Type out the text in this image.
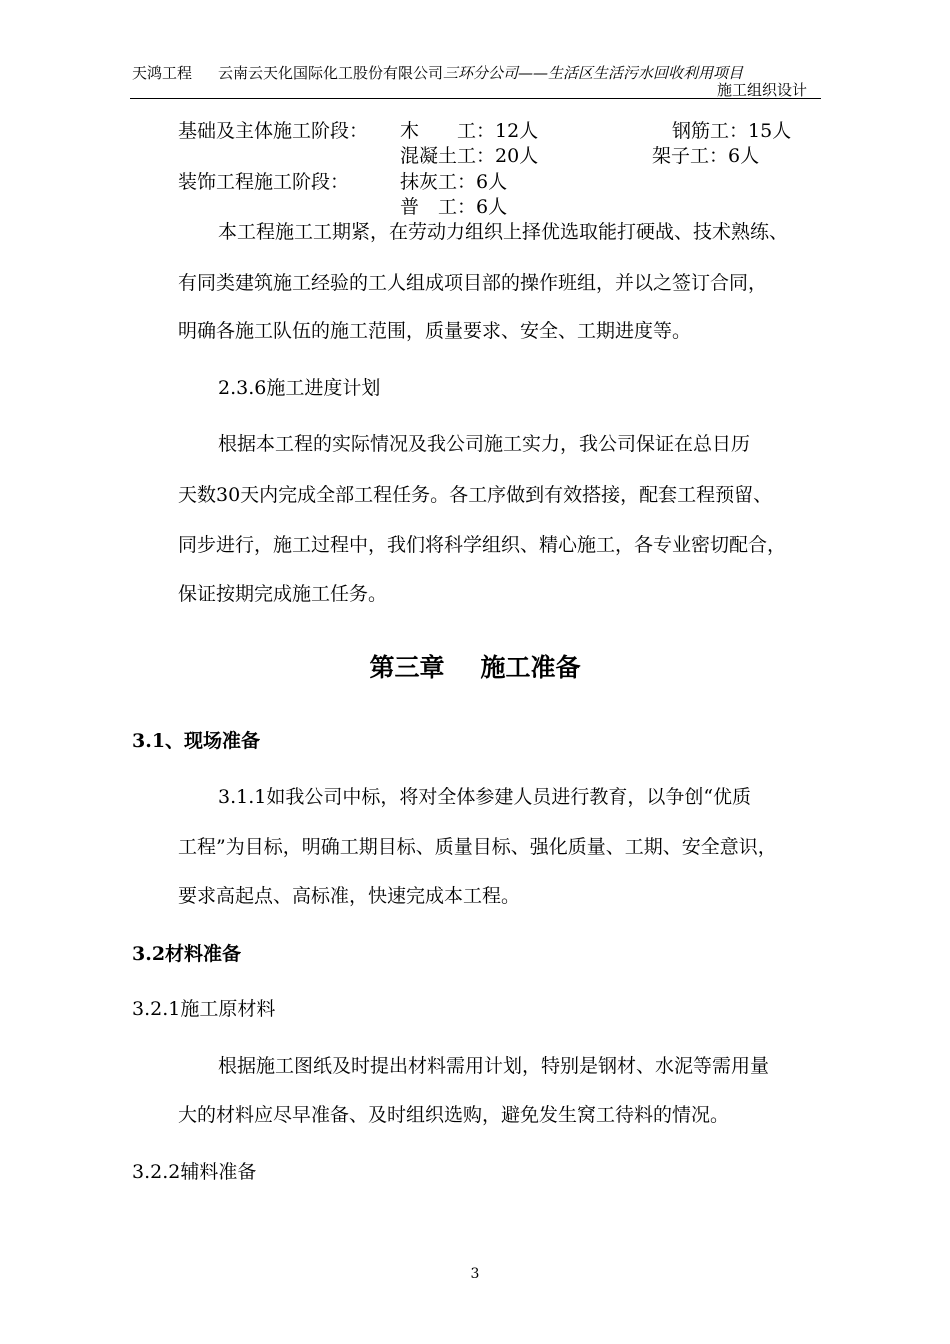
天鸿工程 云南云天化国际化工股份有限公司三环分公司——生活区生活污水回收利用项目
施工组织设计
基础及主体施工阶段： 木　　工：12人	钢筋工：15人
混凝土工：20人	架子工：6人
装饰工程施工阶段：	抹灰工：6人
普　工：6人
本工程施工工期紧，在劳动力组织上择优选取能打硬战、技术熟练、
有同类建筑施工经验的工人组成项目部的操作班组，并以之签订合同，
明确各施工队伍的施工范围，质量要求、安全、工期进度等。
2.3.6施工进度计划
根据本工程的实际情况及我公司施工实力，我公司保证在总日历
天数30天内完成全部工程任务。各工序做到有效搭接，配套工程预留、
同步进行，施工过程中，我们将科学组织、精心施工，各专业密切配合，
保证按期完成施工任务。
第三章 施工准备
3.1、现场准备
3.1.1如我公司中标，将对全体参建人员进行教育，以争创“优质
工程”为目标，明确工期目标、质量目标、强化质量、工期、安全意识，
要求高起点、高标准，快速完成本工程。
3.2材料准备
3.2.1施工原材料
根据施工图纸及时提出材料需用计划，特别是钢材、水泥等需用量
大的材料应尽早准备、及时组织选购，避免发生窝工待料的情况。
3.2.2辅料准备
3
